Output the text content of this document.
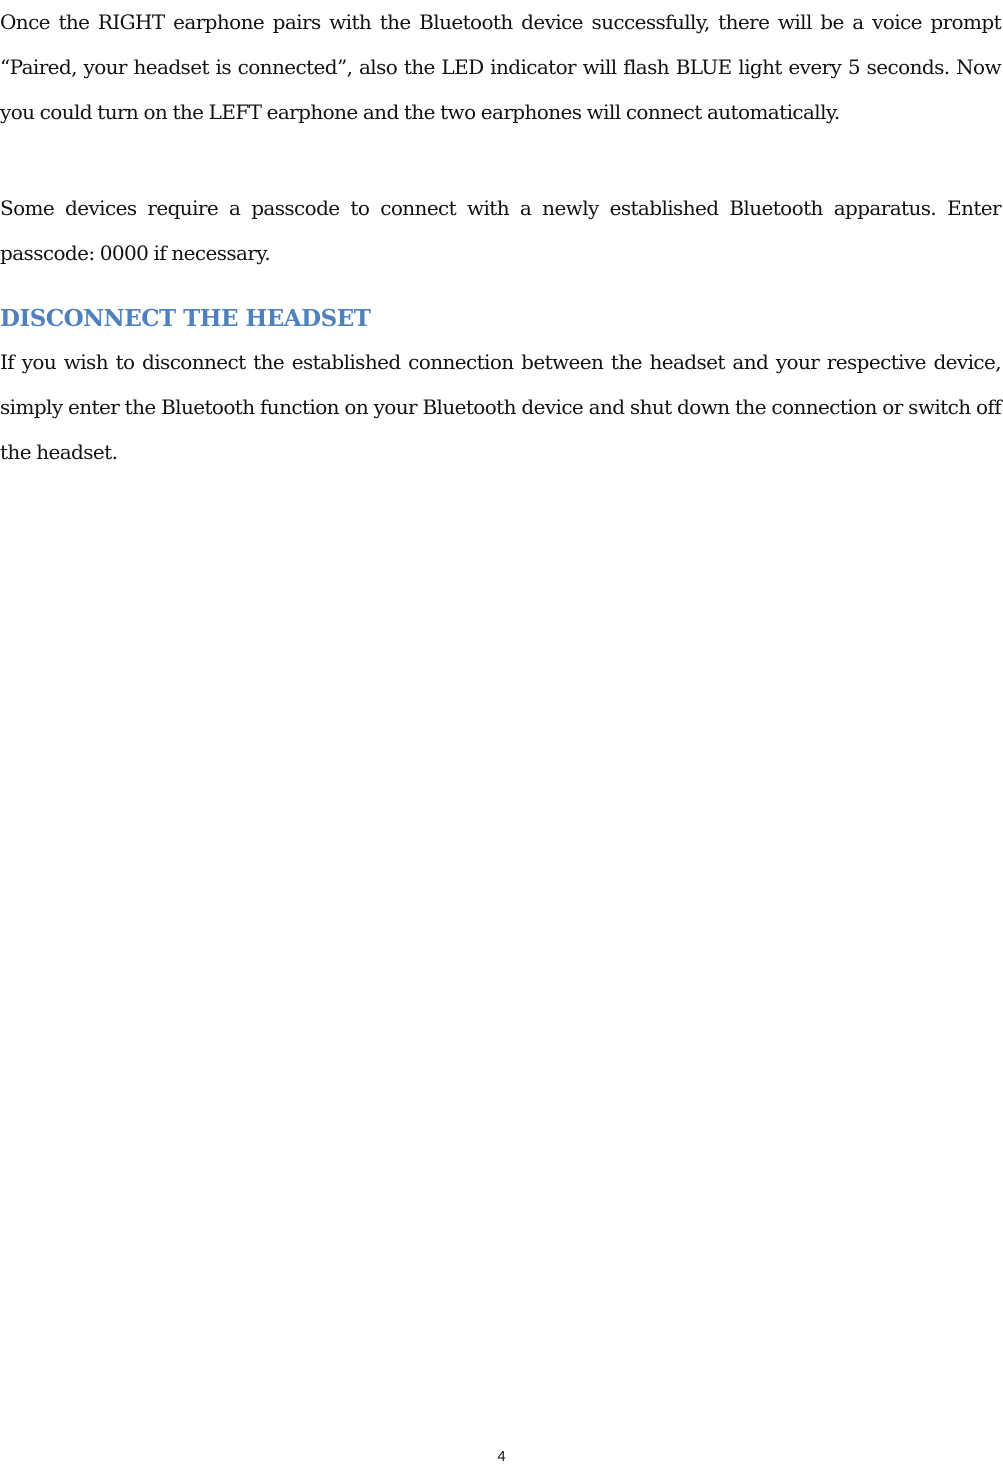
Once the RIGHT earphone pairs with the Bluetooth device successfully, there will be a voice prompt “Paired, your headset is connected”, also the LED indicator will flash BLUE light every 5 seconds. Now you could turn on the LEFT earphone and the two earphones will connect automatically.

Some devices require a passcode to connect with a newly established Bluetooth apparatus. Enter passcode: 0000 if necessary.

DISCONNECT THE HEADSET

If you wish to disconnect the established connection between the headset and your respective device, simply enter the Bluetooth function on your Bluetooth device and shut down the connection or switch off the headset.

4
